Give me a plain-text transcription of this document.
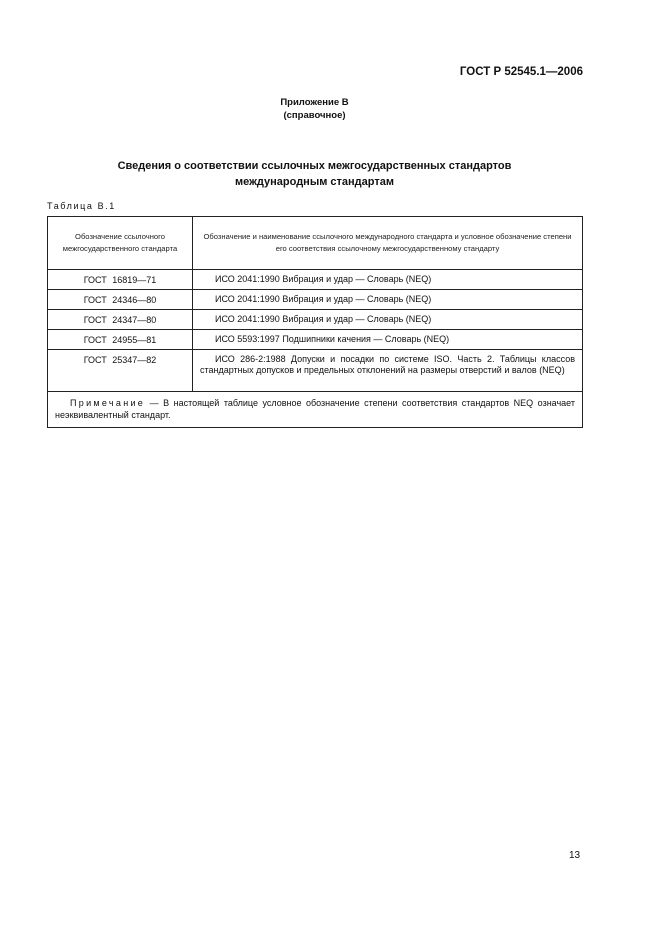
ГОСТ Р 52545.1—2006
Приложение В
(справочное)
Сведения о соответствии ссылочных межгосударственных стандартов
международным стандартам
Таблица В.1
Обозначение ссылочного межгосударственного стандарта	Обозначение и наименование ссылочного международного стандарта и условное обозначение степени его соответствия ссылочному межгосударственному стандарту
ГОСТ 16819—71	ИСО 2041:1990 Вибрация и удар — Словарь (NEQ)

ГОСТ 24346—80	ИСО 2041:1990 Вибрация и удар — Словарь (NEQ)

ГОСТ 24347—80	ИСО 2041:1990 Вибрация и удар — Словарь (NEQ)

ГОСТ 24955—81	ИСО 5593:1997 Подшипники качения — Словарь (NEQ)

ГОСТ 25347—82	ИСО 286-2:1988 Допуски и посадки по системе ISO. Часть 2. Таблицы классов стандартных допусков и предельных отклонений на размеры отверстий и валов (NEQ)

Примечание — В настоящей таблице условное обозначение степени соответствия стандартов NEQ означает неэквивалентный стандарт.	
13
